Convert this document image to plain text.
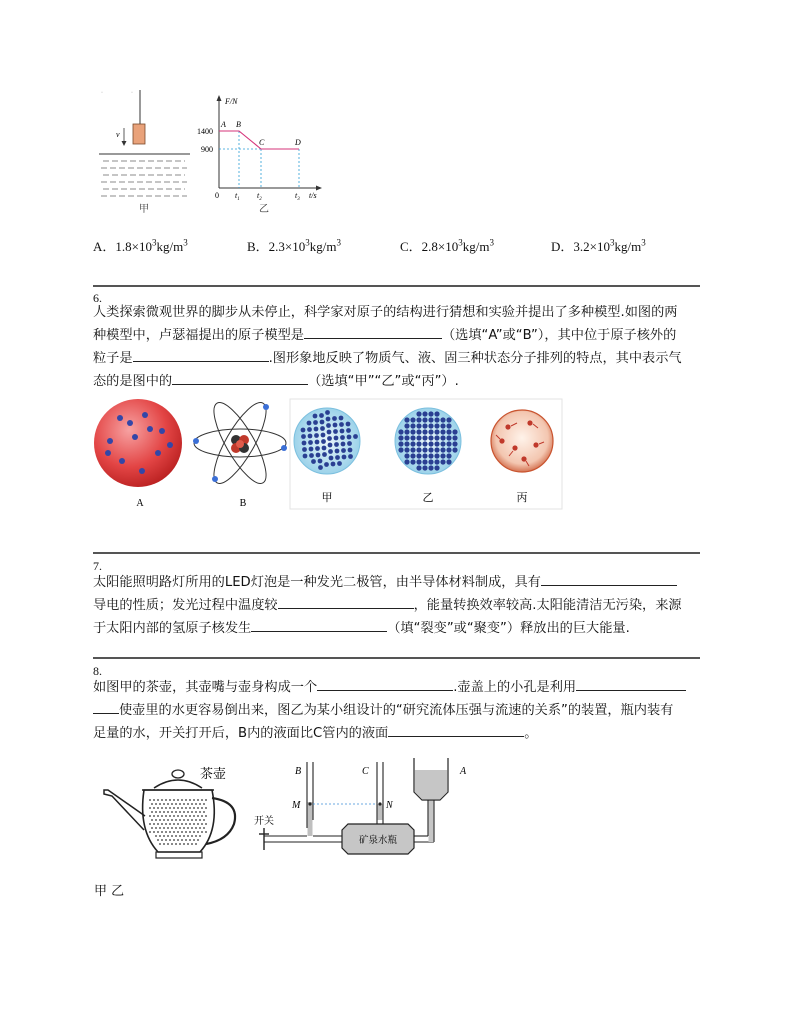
·	·
v
甲
F/N
t/s
1400
900
0
A B
C	D
$t_1$ $t_2$	$t_3$
乙
A．$1.8\times 10^3kg/m^3$	B．$2.3\times 10^3kg/m^3$	C．$2.8\times 10^3kg/m^3$	D．$3.2\times 10^3kg/m^3$
6.
人类探索微观世界的脚步从未停止，科学家对原子的结构进行猜想和实验并提出了多种模型.如图的两
种模型中，卢瑟福提出的原子模型是	（选填“A”或“B”），其中位于原子核外的
粒子是	.图形象地反映了物质气、液、固三种状态分子排列的特点，其中表示气
态的是图中的	（选填“甲”“乙”或“丙”）.
A	B	甲	乙	丙
7.
太阳能照明路灯所用的LED灯泡是一种发光二极管，由半导体材料制成，具有
导电的性质；发光过程中温度较	，能量转换效率较高.太阳能清洁无污染，来源
于太阳内部的氢原子核发生	（填“裂变”或“聚变”）释放出的巨大能量.
8.
如图甲的茶壶，其壶嘴与壶身构成一个	.壶盖上的小孔是利用
使壶里的水更容易倒出来，图乙为某小组设计的“研究流体压强与流速的关系”的装置，瓶内装有
足量的水，开关打开后，B内的液面比C管内的液面	。
茶壶
M	N
B	C	A
开关
矿泉水瓶
甲 乙
